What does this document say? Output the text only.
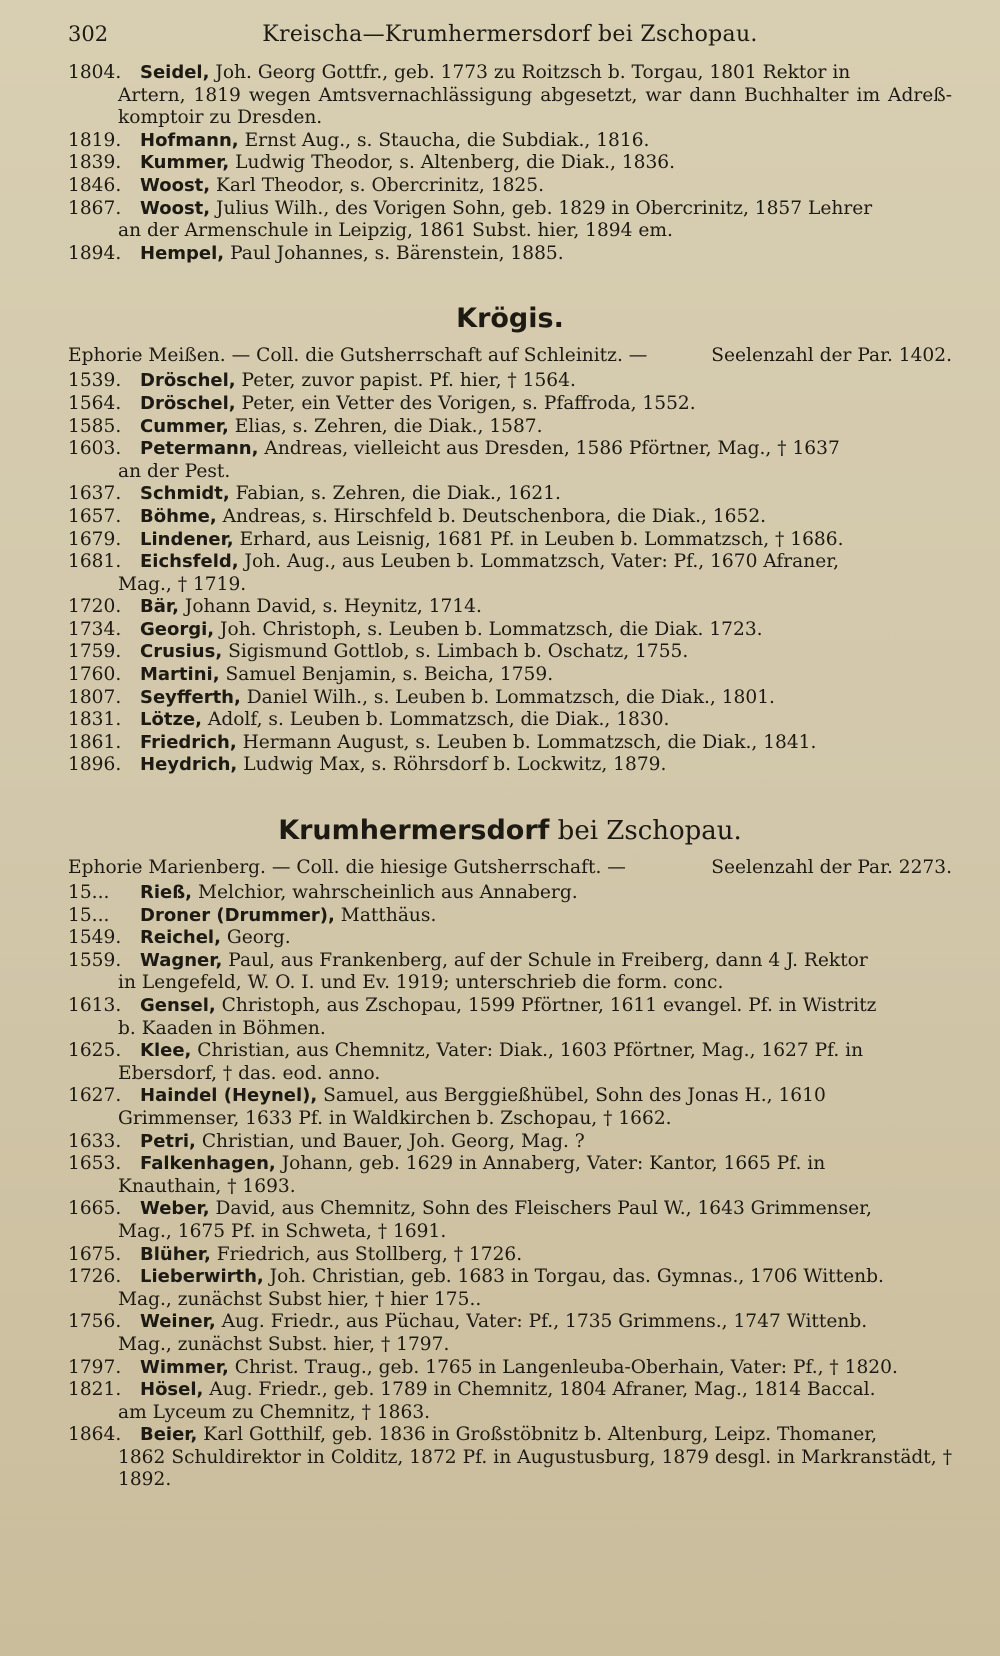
302	Kreischa—Krumhermersdorf bei Zschopau.

1804. Seidel, Joh. Georg Gottfr., geb. 1773 zu Roitzsch b. Torgau, 1801 Rektor in
Artern, 1819 wegen Amtsvernachlässigung abgesetzt, war dann Buchhalter im Adreß-komptoir zu Dresden.

1819. Hofmann, Ernst Aug., s. Staucha, die Subdiak., 1816.

1839. Kummer, Ludwig Theodor, s. Altenberg, die Diak., 1836.

1846. Woost, Karl Theodor, s. Obercrinitz, 1825.

1867. Woost, Julius Wilh., des Vorigen Sohn, geb. 1829 in Obercrinitz, 1857 Lehrer
an der Armenschule in Leipzig, 1861 Subst. hier, 1894 em.

1894. Hempel, Paul Johannes, s. Bärenstein, 1885.

Krögis.
Ephorie Meißen. — Coll. die Gutsherrschaft auf Schleinitz. —	Seelenzahl der Par. 1402.

1539. Dröschel, Peter, zuvor papist. Pf. hier, † 1564.

1564. Dröschel, Peter, ein Vetter des Vorigen, s. Pfaffroda, 1552.

1585. Cummer, Elias, s. Zehren, die Diak., 1587.

1603. Petermann, Andreas, vielleicht aus Dresden, 1586 Pförtner, Mag., † 1637
an der Pest.

1637. Schmidt, Fabian, s. Zehren, die Diak., 1621.

1657. Böhme, Andreas, s. Hirschfeld b. Deutschenbora, die Diak., 1652.

1679. Lindener, Erhard, aus Leisnig, 1681 Pf. in Leuben b. Lommatzsch, † 1686.

1681. Eichsfeld, Joh. Aug., aus Leuben b. Lommatzsch, Vater: Pf., 1670 Afraner,
Mag., † 1719.

1720. Bär, Johann David, s. Heynitz, 1714.

1734. Georgi, Joh. Christoph, s. Leuben b. Lommatzsch, die Diak. 1723.

1759. Crusius, Sigismund Gottlob, s. Limbach b. Oschatz, 1755.

1760. Martini, Samuel Benjamin, s. Beicha, 1759.

1807. Seyfferth, Daniel Wilh., s. Leuben b. Lommatzsch, die Diak., 1801.

1831. Lötze, Adolf, s. Leuben b. Lommatzsch, die Diak., 1830.

1861. Friedrich, Hermann August, s. Leuben b. Lommatzsch, die Diak., 1841.

1896. Heydrich, Ludwig Max, s. Röhrsdorf b. Lockwitz, 1879.

Krumhermersdorf bei Zschopau.
Ephorie Marienberg. — Coll. die hiesige Gutsherrschaft. —	Seelenzahl der Par. 2273.

15... Rieß, Melchior, wahrscheinlich aus Annaberg.

15... Droner (Drummer), Matthäus.

1549. Reichel, Georg.

1559. Wagner, Paul, aus Frankenberg, auf der Schule in Freiberg, dann 4 J. Rektor
in Lengefeld, W. O. I. und Ev. 1919; unterschrieb die form. conc.

1613. Gensel, Christoph, aus Zschopau, 1599 Pförtner, 1611 evangel. Pf. in Wistritz
b. Kaaden in Böhmen.

1625. Klee, Christian, aus Chemnitz, Vater: Diak., 1603 Pförtner, Mag., 1627 Pf. in
Ebersdorf, † das. eod. anno.

1627. Haindel (Heynel), Samuel, aus Berggießhübel, Sohn des Jonas H., 1610
Grimmenser, 1633 Pf. in Waldkirchen b. Zschopau, † 1662.

1633. Petri, Christian, und Bauer, Joh. Georg, Mag. ?

1653. Falkenhagen, Johann, geb. 1629 in Annaberg, Vater: Kantor, 1665 Pf. in
Knauthain, † 1693.

1665. Weber, David, aus Chemnitz, Sohn des Fleischers Paul W., 1643 Grimmenser,
Mag., 1675 Pf. in Schweta, † 1691.

1675. Blüher, Friedrich, aus Stollberg, † 1726.

1726. Lieberwirth, Joh. Christian, geb. 1683 in Torgau, das. Gymnas., 1706 Wittenb.
Mag., zunächst Subst hier, † hier 175..

1756. Weiner, Aug. Friedr., aus Püchau, Vater: Pf., 1735 Grimmens., 1747 Wittenb.
Mag., zunächst Subst. hier, † 1797.

1797. Wimmer, Christ. Traug., geb. 1765 in Langenleuba-Oberhain, Vater: Pf., † 1820.

1821. Hösel, Aug. Friedr., geb. 1789 in Chemnitz, 1804 Afraner, Mag., 1814 Baccal.
am Lyceum zu Chemnitz, † 1863.

1864. Beier, Karl Gotthilf, geb. 1836 in Großstöbnitz b. Altenburg, Leipz. Thomaner,
1862 Schuldirektor in Colditz, 1872 Pf. in Augustusburg, 1879 desgl. in Markranstädt, † 1892.
